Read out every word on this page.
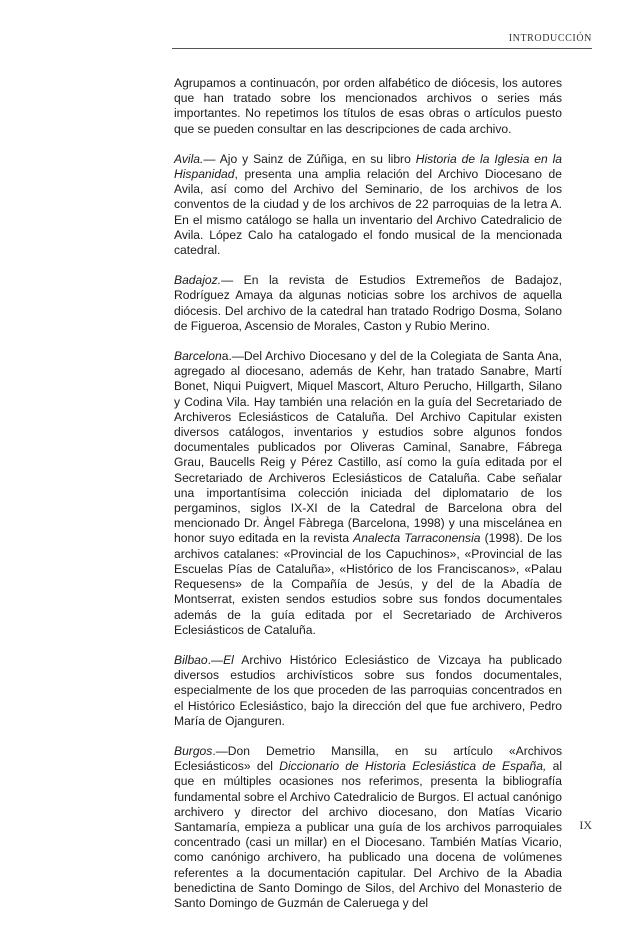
INTRODUCCIÓN

Agrupamos a continuacón, por orden alfabético de diócesis, los autores que han tratado sobre los mencionados archivos o series más importantes. No repetimos los títulos de esas obras o artículos puesto que se pueden consultar en las descripciones de cada archivo.

Avila.— Ajo y Sainz de Zúñiga, en su libro Historia de la Iglesia en la Hispanidad, presenta una amplia relación del Archivo Diocesano de Avila, así como del Archivo del Seminario, de los archivos de los conventos de la ciudad y de los archivos de 22 parroquias de la letra A. En el mismo catálogo se halla un inventario del Archivo Catedralicio de Avila. López Calo ha catalogado el fondo musical de la mencionada catedral.

Badajoz.— En la revista de Estudios Extremeños de Badajoz, Rodríguez Amaya da algunas noticias sobre los archivos de aquella diócesis. Del archivo de la catedral han tratado Rodrigo Dosma, Solano de Figueroa, Ascensio de Morales, Caston y Rubio Merino.

Barcelona.—Del Archivo Diocesano y del de la Colegiata de Santa Ana, agregado al diocesano, además de Kehr, han tratado Sanabre, Martí Bonet, Niqui Puigvert, Miquel Mascort, Alturo Perucho, Hillgarth, Silano y Codina Vila. Hay también una relación en la guía del Secretariado de Archiveros Eclesiásticos de Cataluña. Del Archivo Capitular existen diversos catálogos, inventarios y estudios sobre algunos fondos documentales publicados por Oliveras Caminal, Sanabre, Fábrega Grau, Baucells Reig y Pérez Castillo, así como la guía editada por el Secretariado de Archiveros Eclesiásticos de Cataluña. Cabe señalar una importantísima colección iniciada del diplomatario de los pergaminos, siglos IX-XI de la Catedral de Barcelona obra del mencionado Dr. Àngel Fàbrega (Barcelona, 1998) y una miscelánea en honor suyo editada en la revista Analecta Tarraconensia (1998). De los archivos catalanes: «Provincial de los Capuchinos», «Provincial de las Escuelas Pías de Cataluña», «Histórico de los Franciscanos», «Palau Requesens» de la Compañía de Jesús, y del de la Abadía de Montserrat, existen sendos estudios sobre sus fondos documentales además de la guía editada por el Secretariado de Archiveros Eclesiásticos de Cataluña.

Bilbao.—El Archivo Histórico Eclesiástico de Vizcaya ha publicado diversos estudios archivísticos sobre sus fondos documentales, especialmente de los que proceden de las parroquias concentrados en el Histórico Eclesiástico, bajo la dirección del que fue archivero, Pedro María de Ojanguren.

Burgos.—Don Demetrio Mansilla, en su artículo «Archivos Eclesiásticos» del Diccionario de Historia Eclesiástica de España, al que en múltiples ocasiones nos referimos, presenta la bibliografía fundamental sobre el Archivo Catedralicio de Burgos. El actual canónigo archivero y director del archivo diocesano, don Matías Vicario Santamaría, empieza a publicar una guía de los archivos parroquiales concentrado (casi un millar) en el Diocesano. También Matías Vicario, como canónigo archivero, ha publicado una docena de volúmenes referentes a la documentación capitular. Del Archivo de la Abadia benedictina de Santo Domingo de Silos, del Archivo del Monasterio de Santo Domingo de Guzmán de Caleruega y del

IX
